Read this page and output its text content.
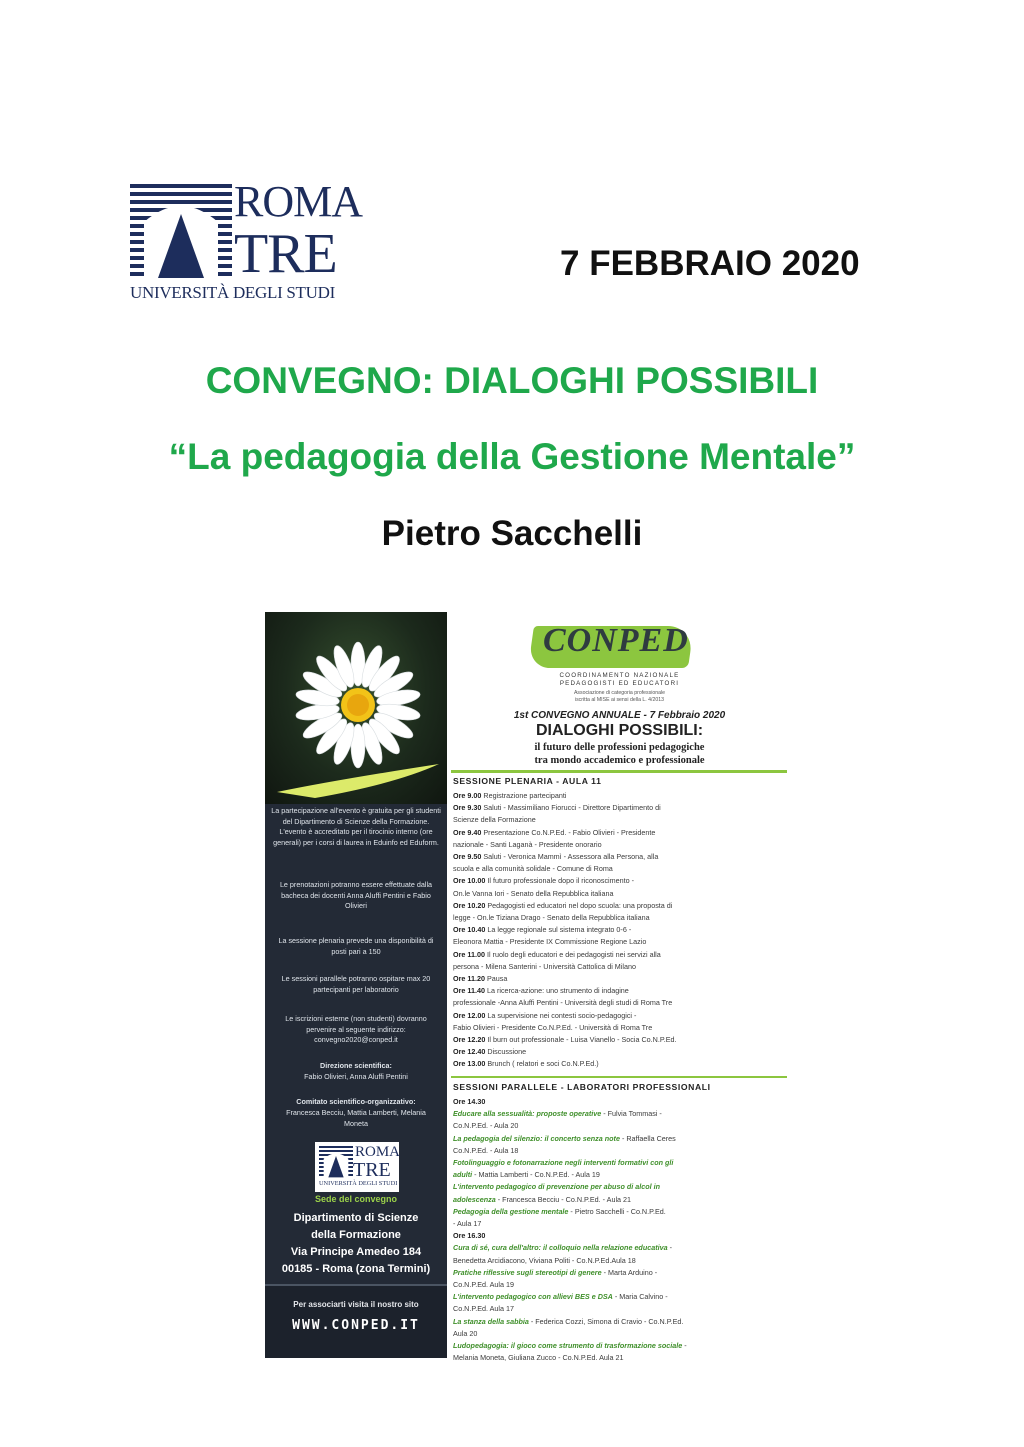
ROMA
TRE
UNIVERSITÀ DEGLI STUDI
7 FEBBRAIO 2020
CONVEGNO: DIALOGHI POSSIBILI
“La pedagogia della Gestione Mentale”
Pietro Sacchelli
La partecipazione all'evento è gratuita per gli studenti del Dipartimento di Scienze della Formazione. L'evento è accreditato per il tirocinio interno (ore generali) per i corsi di laurea in Eduinfo ed Eduform.
Le prenotazioni potranno essere effettuate dalla bacheca dei docenti Anna Aluffi Pentini e Fabio Olivieri
La sessione plenaria prevede una disponibilità di posti pari a 150
Le sessioni parallele potranno ospitare max 20 partecipanti per laboratorio
Le iscrizioni esterne (non studenti) dovranno pervenire al seguente indirizzo: convegno2020@conped.it
Direzione scientifica:
Fabio Olivieri, Anna Aluffi Pentini
Comitato scientifico-organizzativo:
Francesca Becciu, Mattia Lamberti, Melania Moneta
ROMA
TRE
UNIVERSITÀ DEGLI STUDI
Sede del convegno
Dipartimento di Scienze
della Formazione
Via Principe Amedeo 184
00185 - Roma (zona Termini)
Per associarti visita il nostro sito
WWW.CONPED.IT
CONPED
COORDINAMENTO NAZIONALE
PEDAGOGISTI ED EDUCATORI
Associazione di categoria professionale
iscritta al MISE ai sensi della L. 4/2013
1st CONVEGNO ANNUALE - 7 Febbraio 2020
DIALOGHI POSSIBILI:
il futuro delle professioni pedagogiche
tra mondo accademico e professionale
SESSIONE PLENARIA - AULA 11
Ore 9.00 Registrazione partecipanti
Ore 9.30 Saluti - Massimiliano Fiorucci - Direttore Dipartimento di
Scienze della Formazione
Ore 9.40 Presentazione Co.N.P.Ed. - Fabio Olivieri - Presidente
nazionale - Santi Laganà - Presidente onorario
Ore 9.50 Saluti - Veronica Mammì - Assessora alla Persona, alla
scuola e alla comunità solidale - Comune di Roma
Ore 10.00 Il futuro professionale dopo il riconoscimento -
On.le Vanna Iori - Senato della Repubblica italiana
Ore 10.20 Pedagogisti ed educatori nel dopo scuola: una proposta di
legge - On.le Tiziana Drago - Senato della Repubblica italiana
Ore 10.40 La legge regionale sul sistema integrato 0-6 -
Eleonora Mattia - Presidente IX Commissione Regione Lazio
Ore 11.00 Il ruolo degli educatori e dei pedagogisti nei servizi alla
persona - Milena Santerini - Università Cattolica di Milano
Ore 11.20 Pausa
Ore 11.40 La ricerca-azione: uno strumento di indagine
professionale -Anna Aluffi Pentini - Università degli studi di Roma Tre
Ore 12.00 La supervisione nei contesti socio-pedagogici -
Fabio Olivieri - Presidente Co.N.P.Ed. - Università di Roma Tre
Ore 12.20 Il burn out professionale - Luisa Vianello - Socia Co.N.P.Ed.
Ore 12.40 Discussione
Ore 13.00 Brunch ( relatori e soci Co.N.P.Ed.)
SESSIONI PARALLELE - LABORATORI PROFESSIONALI
Ore 14.30
Educare alla sessualità: proposte operative - Fulvia Tommasi -
Co.N.P.Ed. - Aula 20
La pedagogia del silenzio: il concerto senza note - Raffaella Ceres
Co.N.P.Ed. - Aula 18
Fotolinguaggio e fotonarrazione negli interventi formativi con gli
adulti - Mattia Lamberti - Co.N.P.Ed. - Aula 19
L'intervento pedagogico di prevenzione per abuso di alcol in
adolescenza - Francesca Becciu - Co.N.P.Ed. - Aula 21
Pedagogia della gestione mentale - Pietro Sacchelli - Co.N.P.Ed.
- Aula 17
Ore 16.30
Cura di sé, cura dell'altro: il colloquio nella relazione educativa -
Benedetta Arcidiacono, Viviana Politi - Co.N.P.Ed.Aula 18
Pratiche riflessive sugli stereotipi di genere - Marta Arduino -
Co.N.P.Ed. Aula 19
L'intervento pedagogico con allievi BES e DSA - Maria Calvino -
Co.N.P.Ed. Aula 17
La stanza della sabbia - Federica Cozzi, Simona di Cravio - Co.N.P.Ed.
Aula 20
Ludopedagogia: il gioco come strumento di trasformazione sociale -
Melania Moneta, Giuliana Zucco - Co.N.P.Ed. Aula 21
